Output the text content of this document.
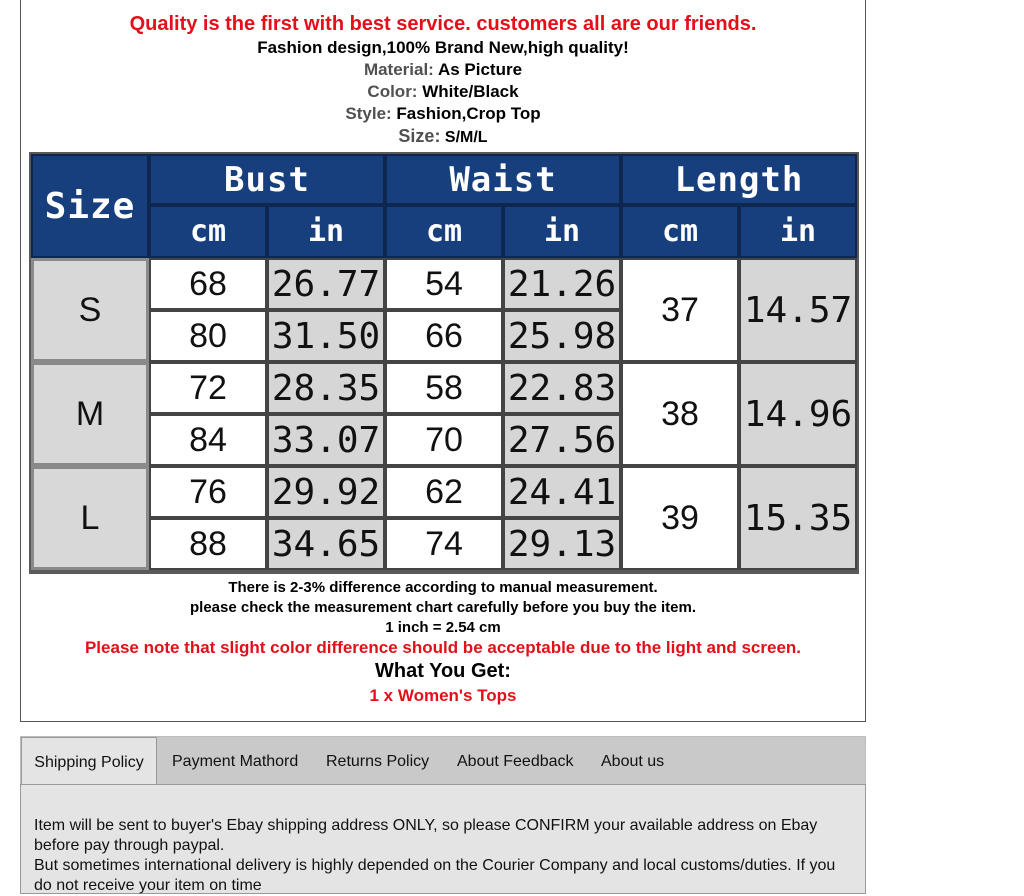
Quality is the first with best service. customers all are our friends.
Fashion design,100% Brand New,high quality!
Material: As Picture
Color: White/Black
Style: Fashion,Crop Top
Size: S/M/L
Size
Bust	Waist	Length
cm	in	cm	in	cm	in
S
68	26.77	54	21.26
80	31.50	66	25.98
37	14.57
M
72	28.35	58	22.83
84	33.07	70	27.56
38	14.96
L
76	29.92	62	24.41
88	34.65	74	29.13
39	15.35
There is 2-3% difference according to manual measurement.
please check the measurement chart carefully before you buy the item.
1 inch = 2.54 cm
Please note that slight color difference should be acceptable due to the light and screen.
What You Get:
1 x Women's Tops
Shipping Policy	Payment Mathord Returns Policy About Feedback About us
Item will be sent to buyer's Ebay shipping address ONLY, so please CONFIRM your available address on Ebay
before pay through paypal.
But sometimes international delivery is highly depended on the Courier Company and local customs/duties. If you
do not receive your item on time
